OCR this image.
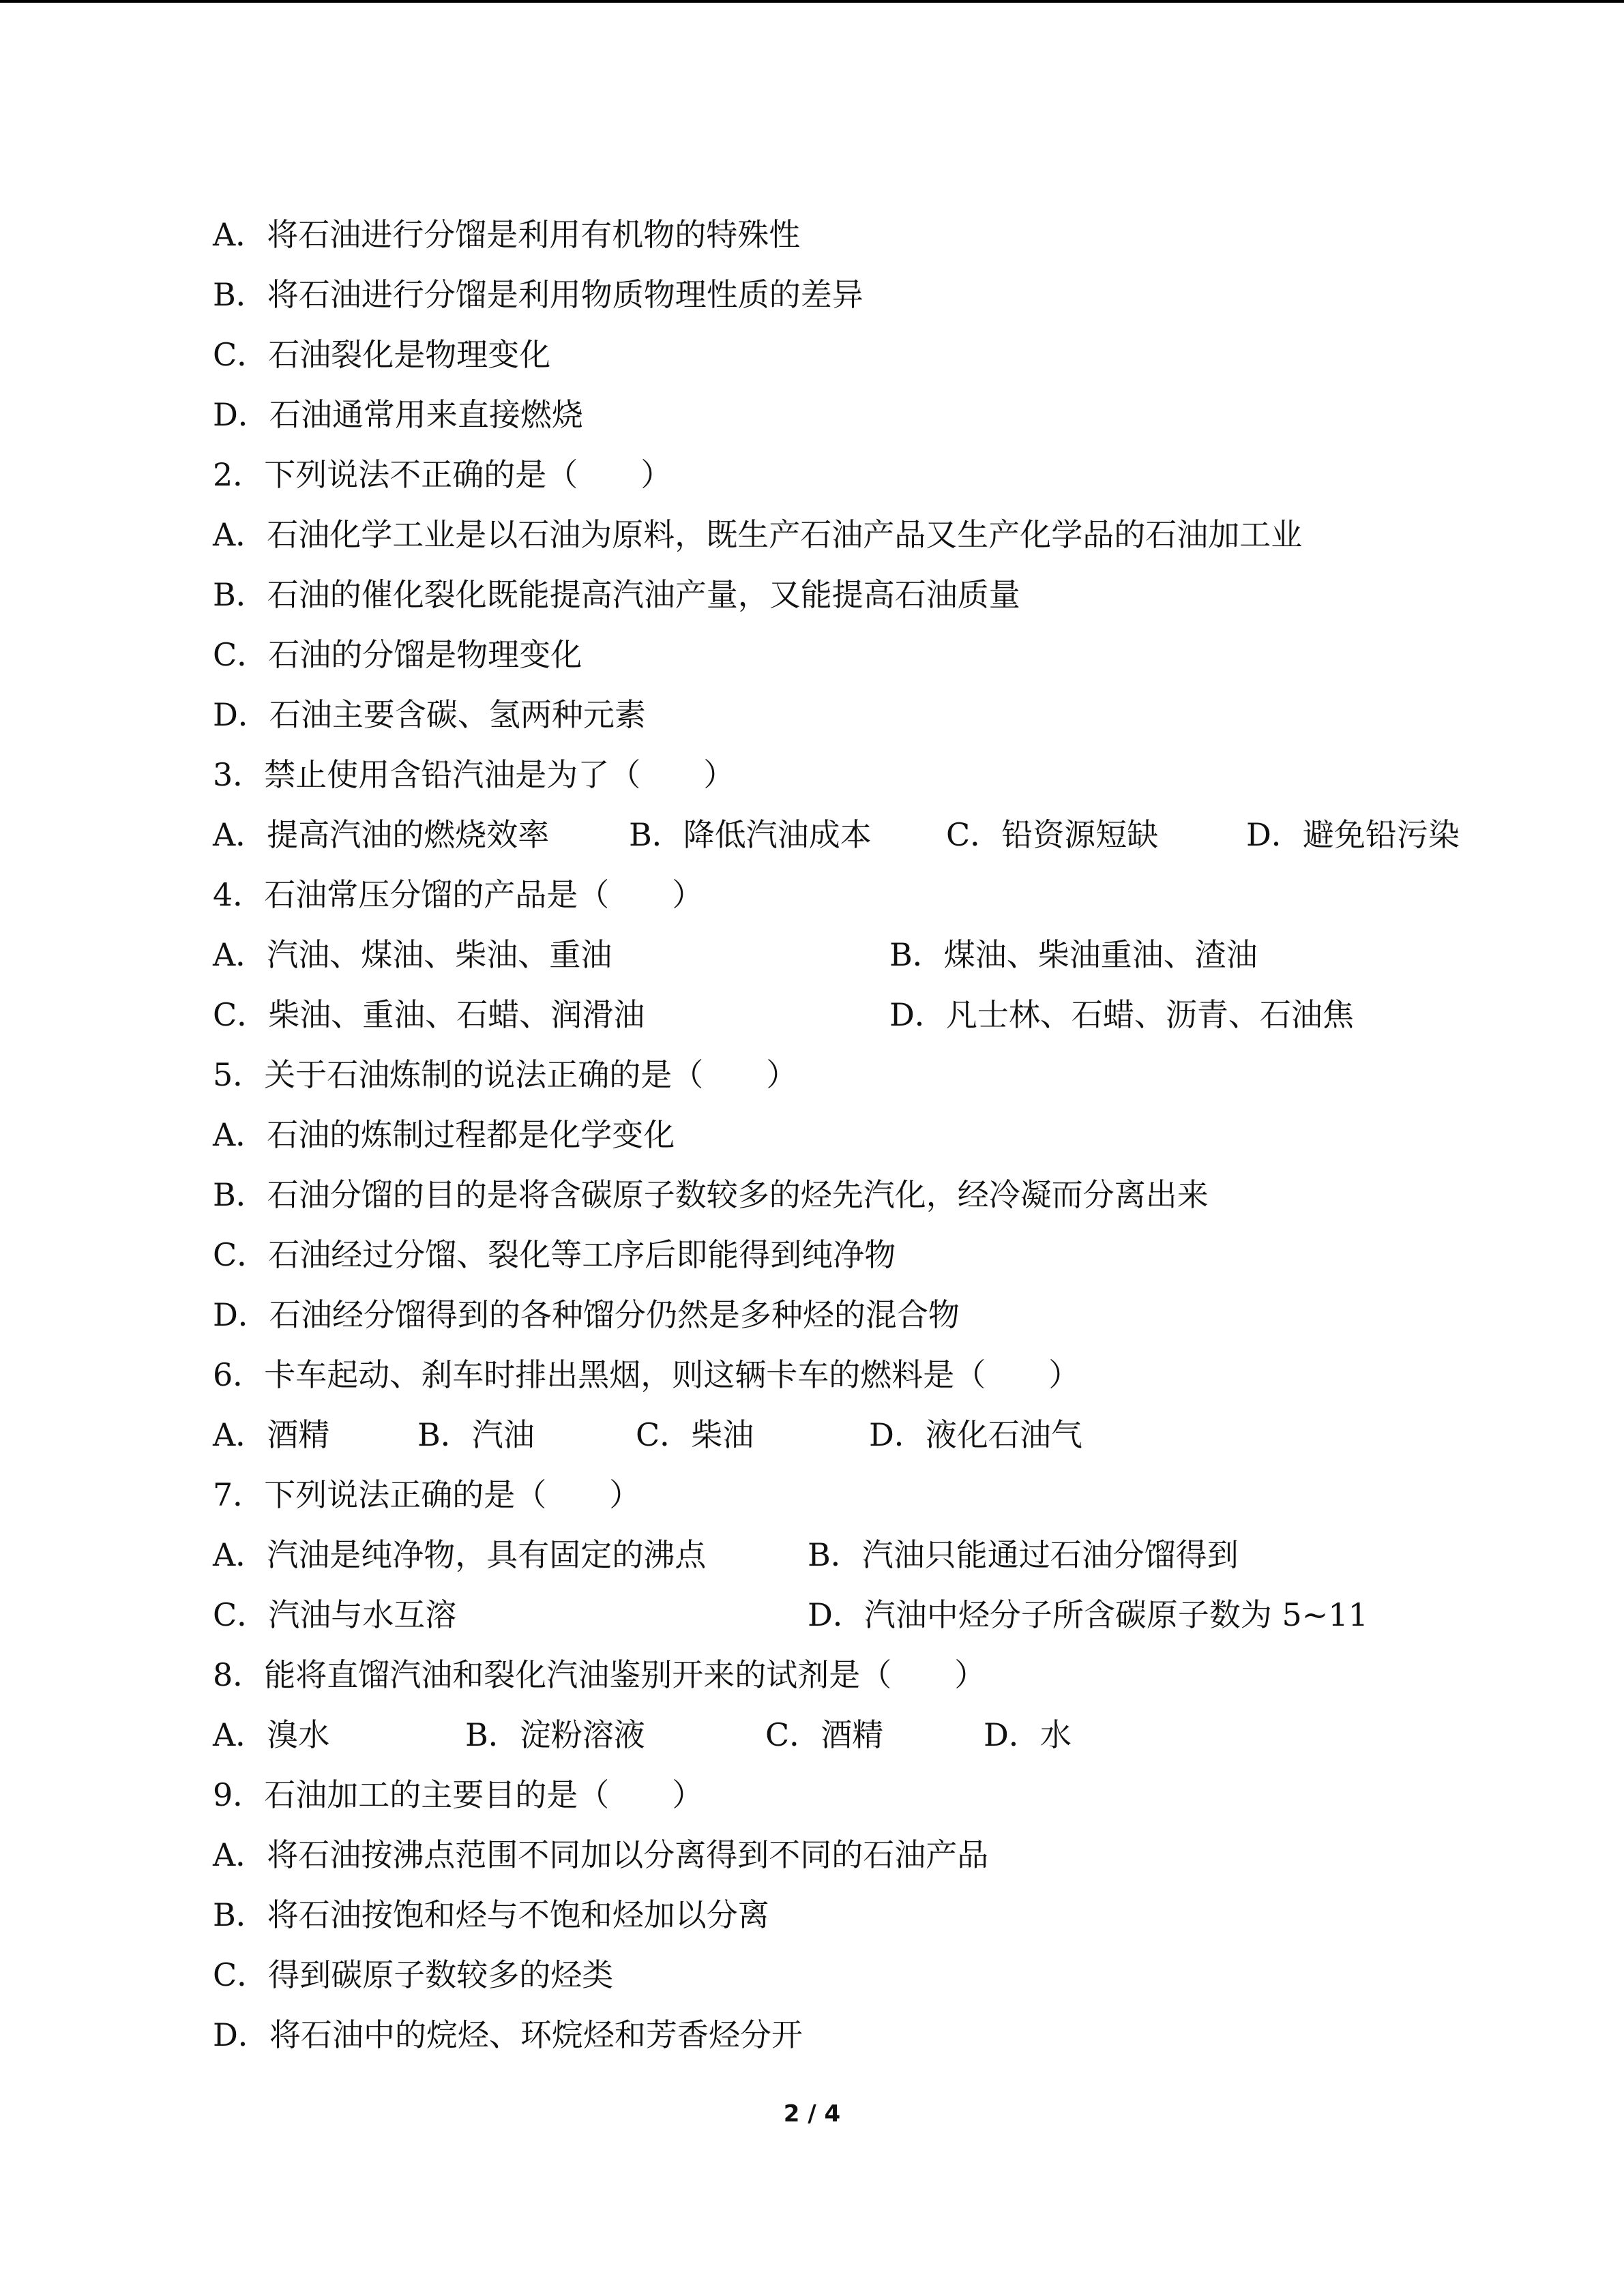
A．将石油进行分馏是利用有机物的特殊性
B．将石油进行分馏是利用物质物理性质的差异
C．石油裂化是物理变化
D．石油通常用来直接燃烧
2．下列说法不正确的是（　　）
A．石油化学工业是以石油为原料，既生产石油产品又生产化学品的石油加工业
B．石油的催化裂化既能提高汽油产量，又能提高石油质量
C．石油的分馏是物理变化
D．石油主要含碳、氢两种元素
3．禁止使用含铅汽油是为了（　　）
A．提高汽油的燃烧效率	B．降低汽油成本 C．铅资源短缺	D．避免铅污染
4．石油常压分馏的产品是（　　）
A．汽油、煤油、柴油、重油	B．煤油、柴油重油、渣油
C．柴油、重油、石蜡、润滑油	D．凡士林、石蜡、沥青、石油焦
5．关于石油炼制的说法正确的是（　　）
A．石油的炼制过程都是化学变化
B．石油分馏的目的是将含碳原子数较多的烃先汽化，经冷凝而分离出来
C．石油经过分馏、裂化等工序后即能得到纯净物
D．石油经分馏得到的各种馏分仍然是多种烃的混合物
6．卡车起动、刹车时排出黑烟，则这辆卡车的燃料是（　　）
A．酒精	B．汽油	C．柴油	D．液化石油气
7．下列说法正确的是（　　）
A．汽油是纯净物，具有固定的沸点	B．汽油只能通过石油分馏得到
C．汽油与水互溶	D．汽油中烃分子所含碳原子数为 5~11
8．能将直馏汽油和裂化汽油鉴别开来的试剂是（　　）
A．溴水	B．淀粉溶液	C．酒精	D．水
9．石油加工的主要目的是（　　）
A．将石油按沸点范围不同加以分离得到不同的石油产品
B．将石油按饱和烃与不饱和烃加以分离
C．得到碳原子数较多的烃类
D．将石油中的烷烃、环烷烃和芳香烃分开
2 / 4
